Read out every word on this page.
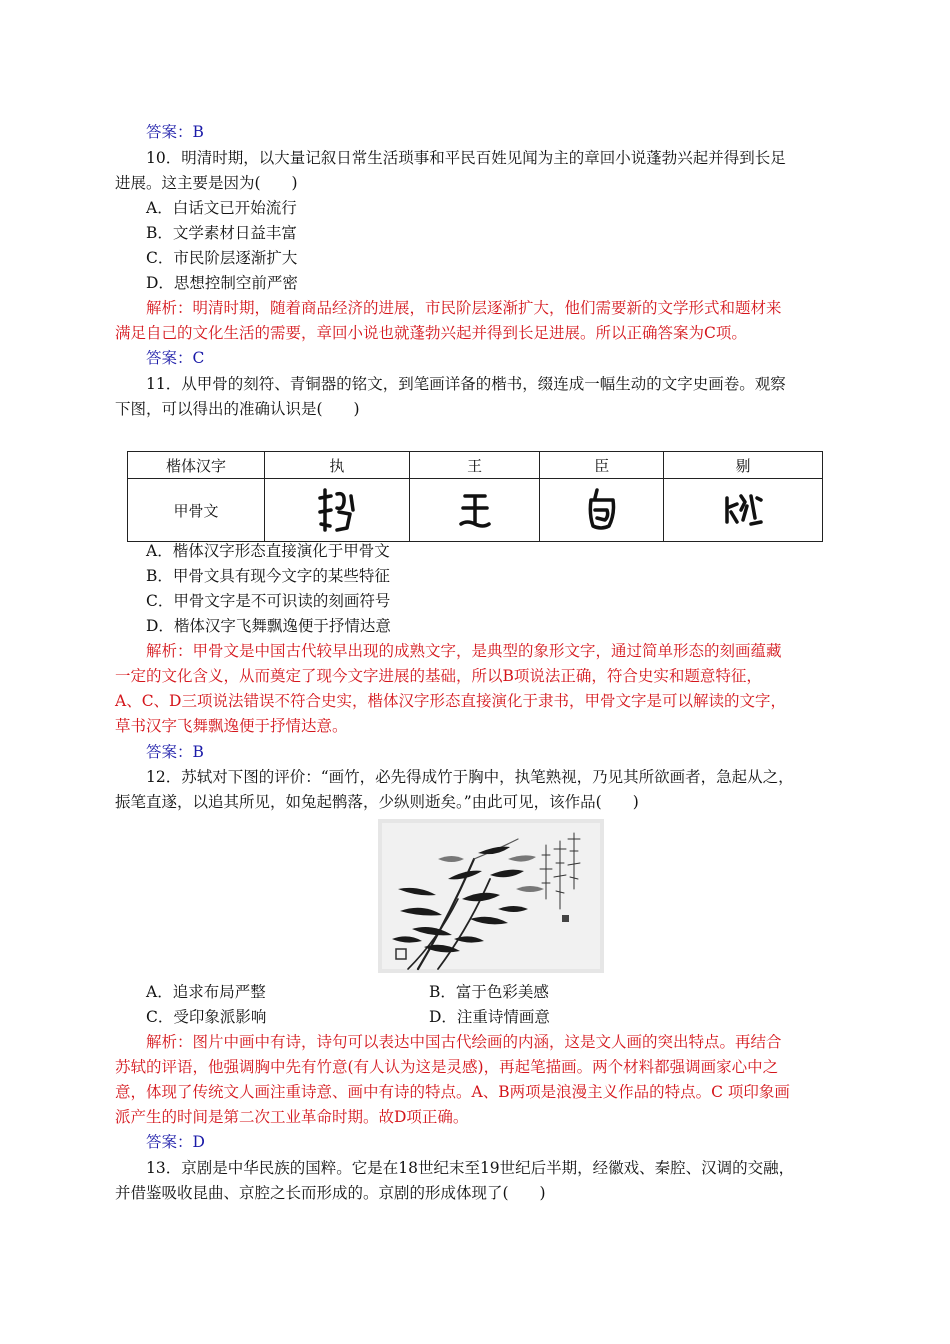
答案：B
10．明清时期，以大量记叙日常生活琐事和平民百姓见闻为主的章回小说蓬勃兴起并得到长足
进展。这主要是因为(　　)
A．白话文已开始流行
B．文学素材日益丰富
C．市民阶层逐渐扩大
D．思想控制空前严密
解析：明清时期，随着商品经济的进展，市民阶层逐渐扩大，他们需要新的文学形式和题材来
满足自己的文化生活的需要，章回小说也就蓬勃兴起并得到长足进展。所以正确答案为C项。
答案：C
11．从甲骨的刻符、青铜器的铭文，到笔画详备的楷书，缀连成一幅生动的文字史画卷。观察
下图，可以得出的准确认识是(　　)
楷体汉字	执	王	臣	剔
甲骨文				
A．楷体汉字形态直接演化于甲骨文
B．甲骨文具有现今文字的某些特征
C．甲骨文字是不可识读的刻画符号
D．楷体汉字飞舞飘逸便于抒情达意
解析：甲骨文是中国古代较早出现的成熟文字，是典型的象形文字，通过简单形态的刻画蕴藏
一定的文化含义，从而奠定了现今文字进展的基础，所以B项说法正确，符合史实和题意特征，
A、C、D三项说法错误不符合史实，楷体汉字形态直接演化于隶书，甲骨文字是可以解读的文字，
草书汉字飞舞飘逸便于抒情达意。
答案：B
12．苏轼对下图的评价：“画竹，必先得成竹于胸中，执笔熟视，乃见其所欲画者，急起从之，
振笔直遂，以追其所见，如兔起鹘落，少纵则逝矣。”由此可见，该作品(　　)
A．追求布局严整	B．富于色彩美感
C．受印象派影响	D．注重诗情画意
解析：图片中画中有诗，诗句可以表达中国古代绘画的内涵，这是文人画的突出特点。再结合
苏轼的评语，他强调胸中先有竹意(有人认为这是灵感)，再起笔描画。两个材料都强调画家心中之
意，体现了传统文人画注重诗意、画中有诗的特点。A、B两项是浪漫主义作品的特点。C 项印象画
派产生的时间是第二次工业革命时期。故D项正确。
答案：D
13．京剧是中华民族的国粹。它是在18世纪末至19世纪后半期，经徽戏、秦腔、汉调的交融，
并借鉴吸收昆曲、京腔之长而形成的。京剧的形成体现了(　　)
